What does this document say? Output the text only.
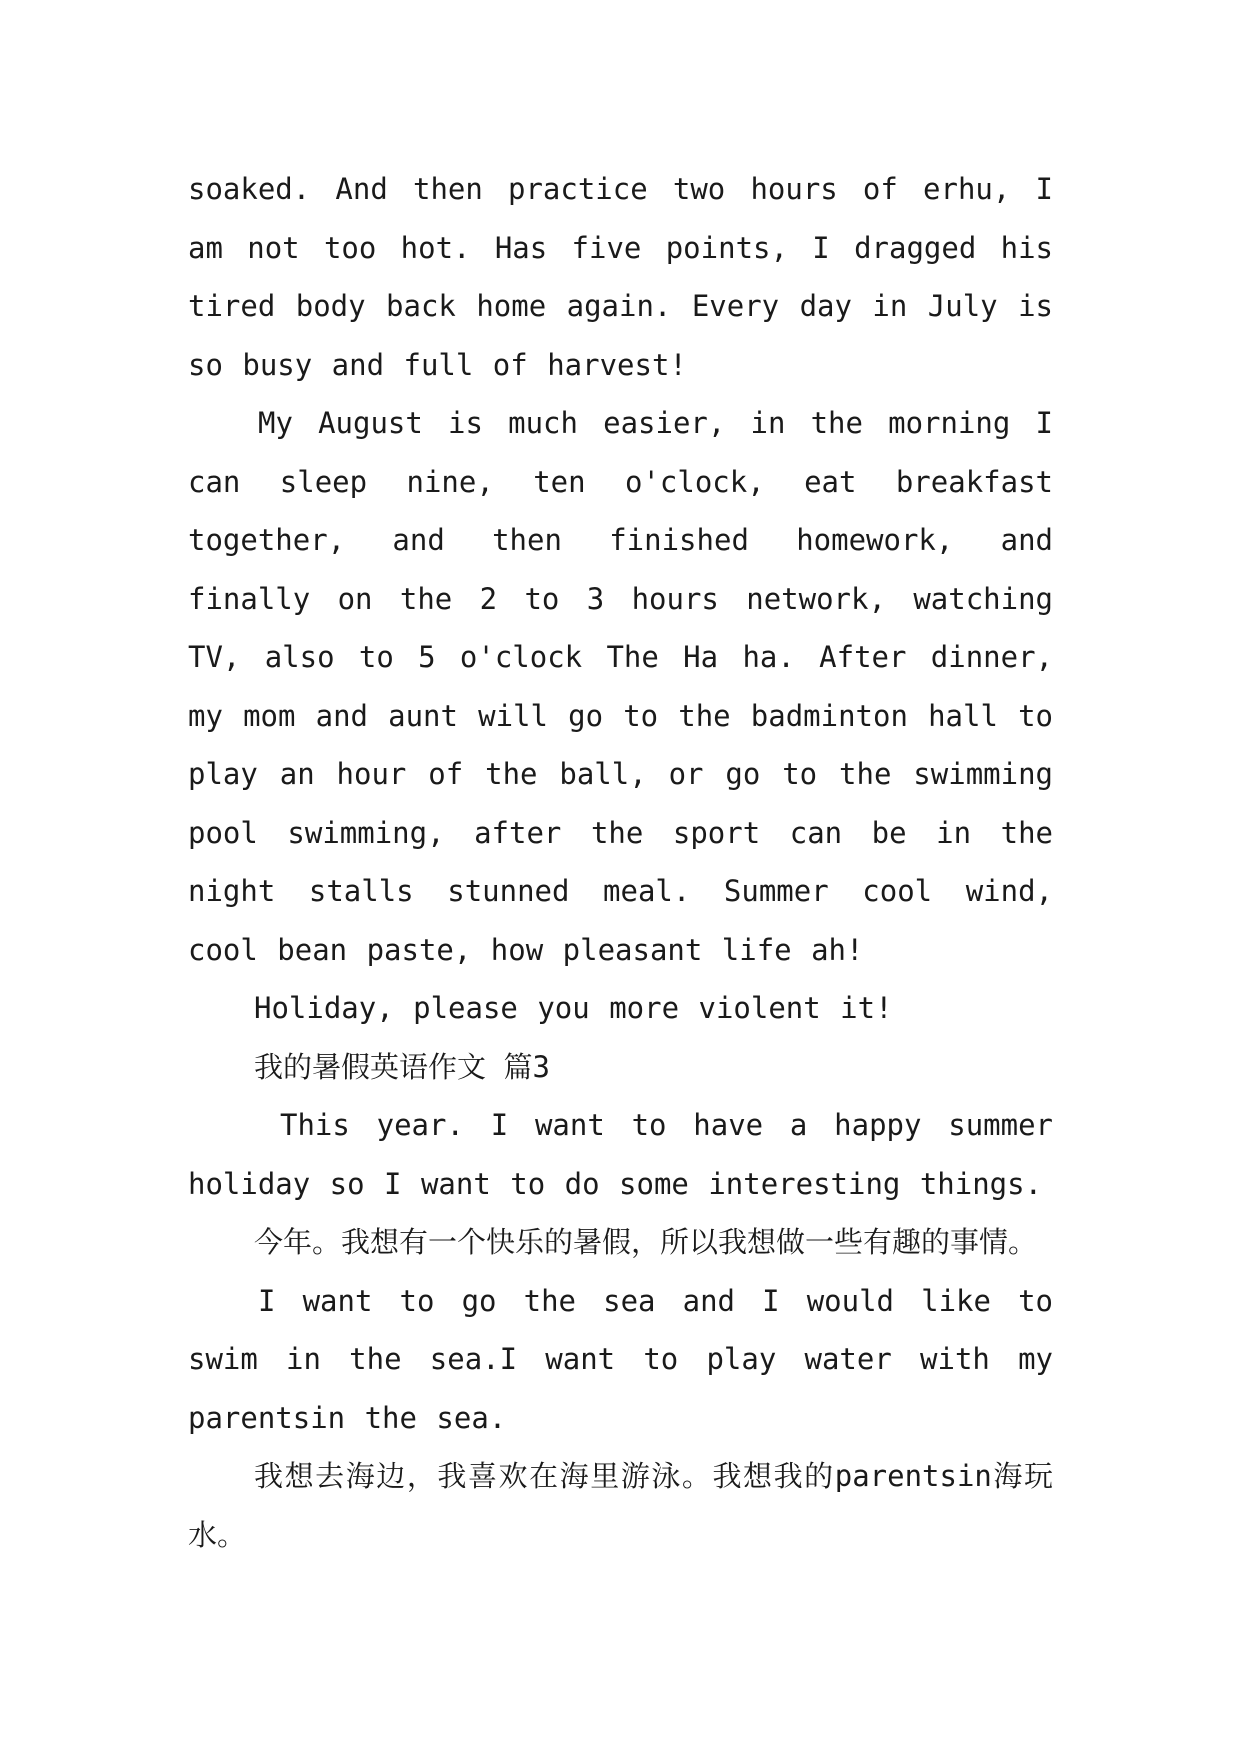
soaked. And then practice two hours of erhu, I am not too hot. Has five points, I dragged his tired body back home again. Every day in July is so busy and full of harvest!

My August is much easier, in the morning I can sleep nine, ten o'clock, eat breakfast together, and then finished homework, and finally on the 2 to 3 hours network, watching TV, also to 5 o'clock The Ha ha. After dinner, my mom and aunt will go to the badminton hall to play an hour of the ball, or go to the swimming pool swimming, after the sport can be in the night stalls stunned meal. Summer cool wind, cool bean paste, how pleasant life ah!

Holiday, please you more violent it!

我的暑假英语作文 篇3

This year. I want to have a happy summer holiday so I want to do some interesting things.

今年。我想有一个快乐的暑假，所以我想做一些有趣的事情。

I want to go the sea and I would like to swim in the sea.I want to play water with my parentsin the sea.

我想去海边，我喜欢在海里游泳。我想我的parentsin海玩水。
